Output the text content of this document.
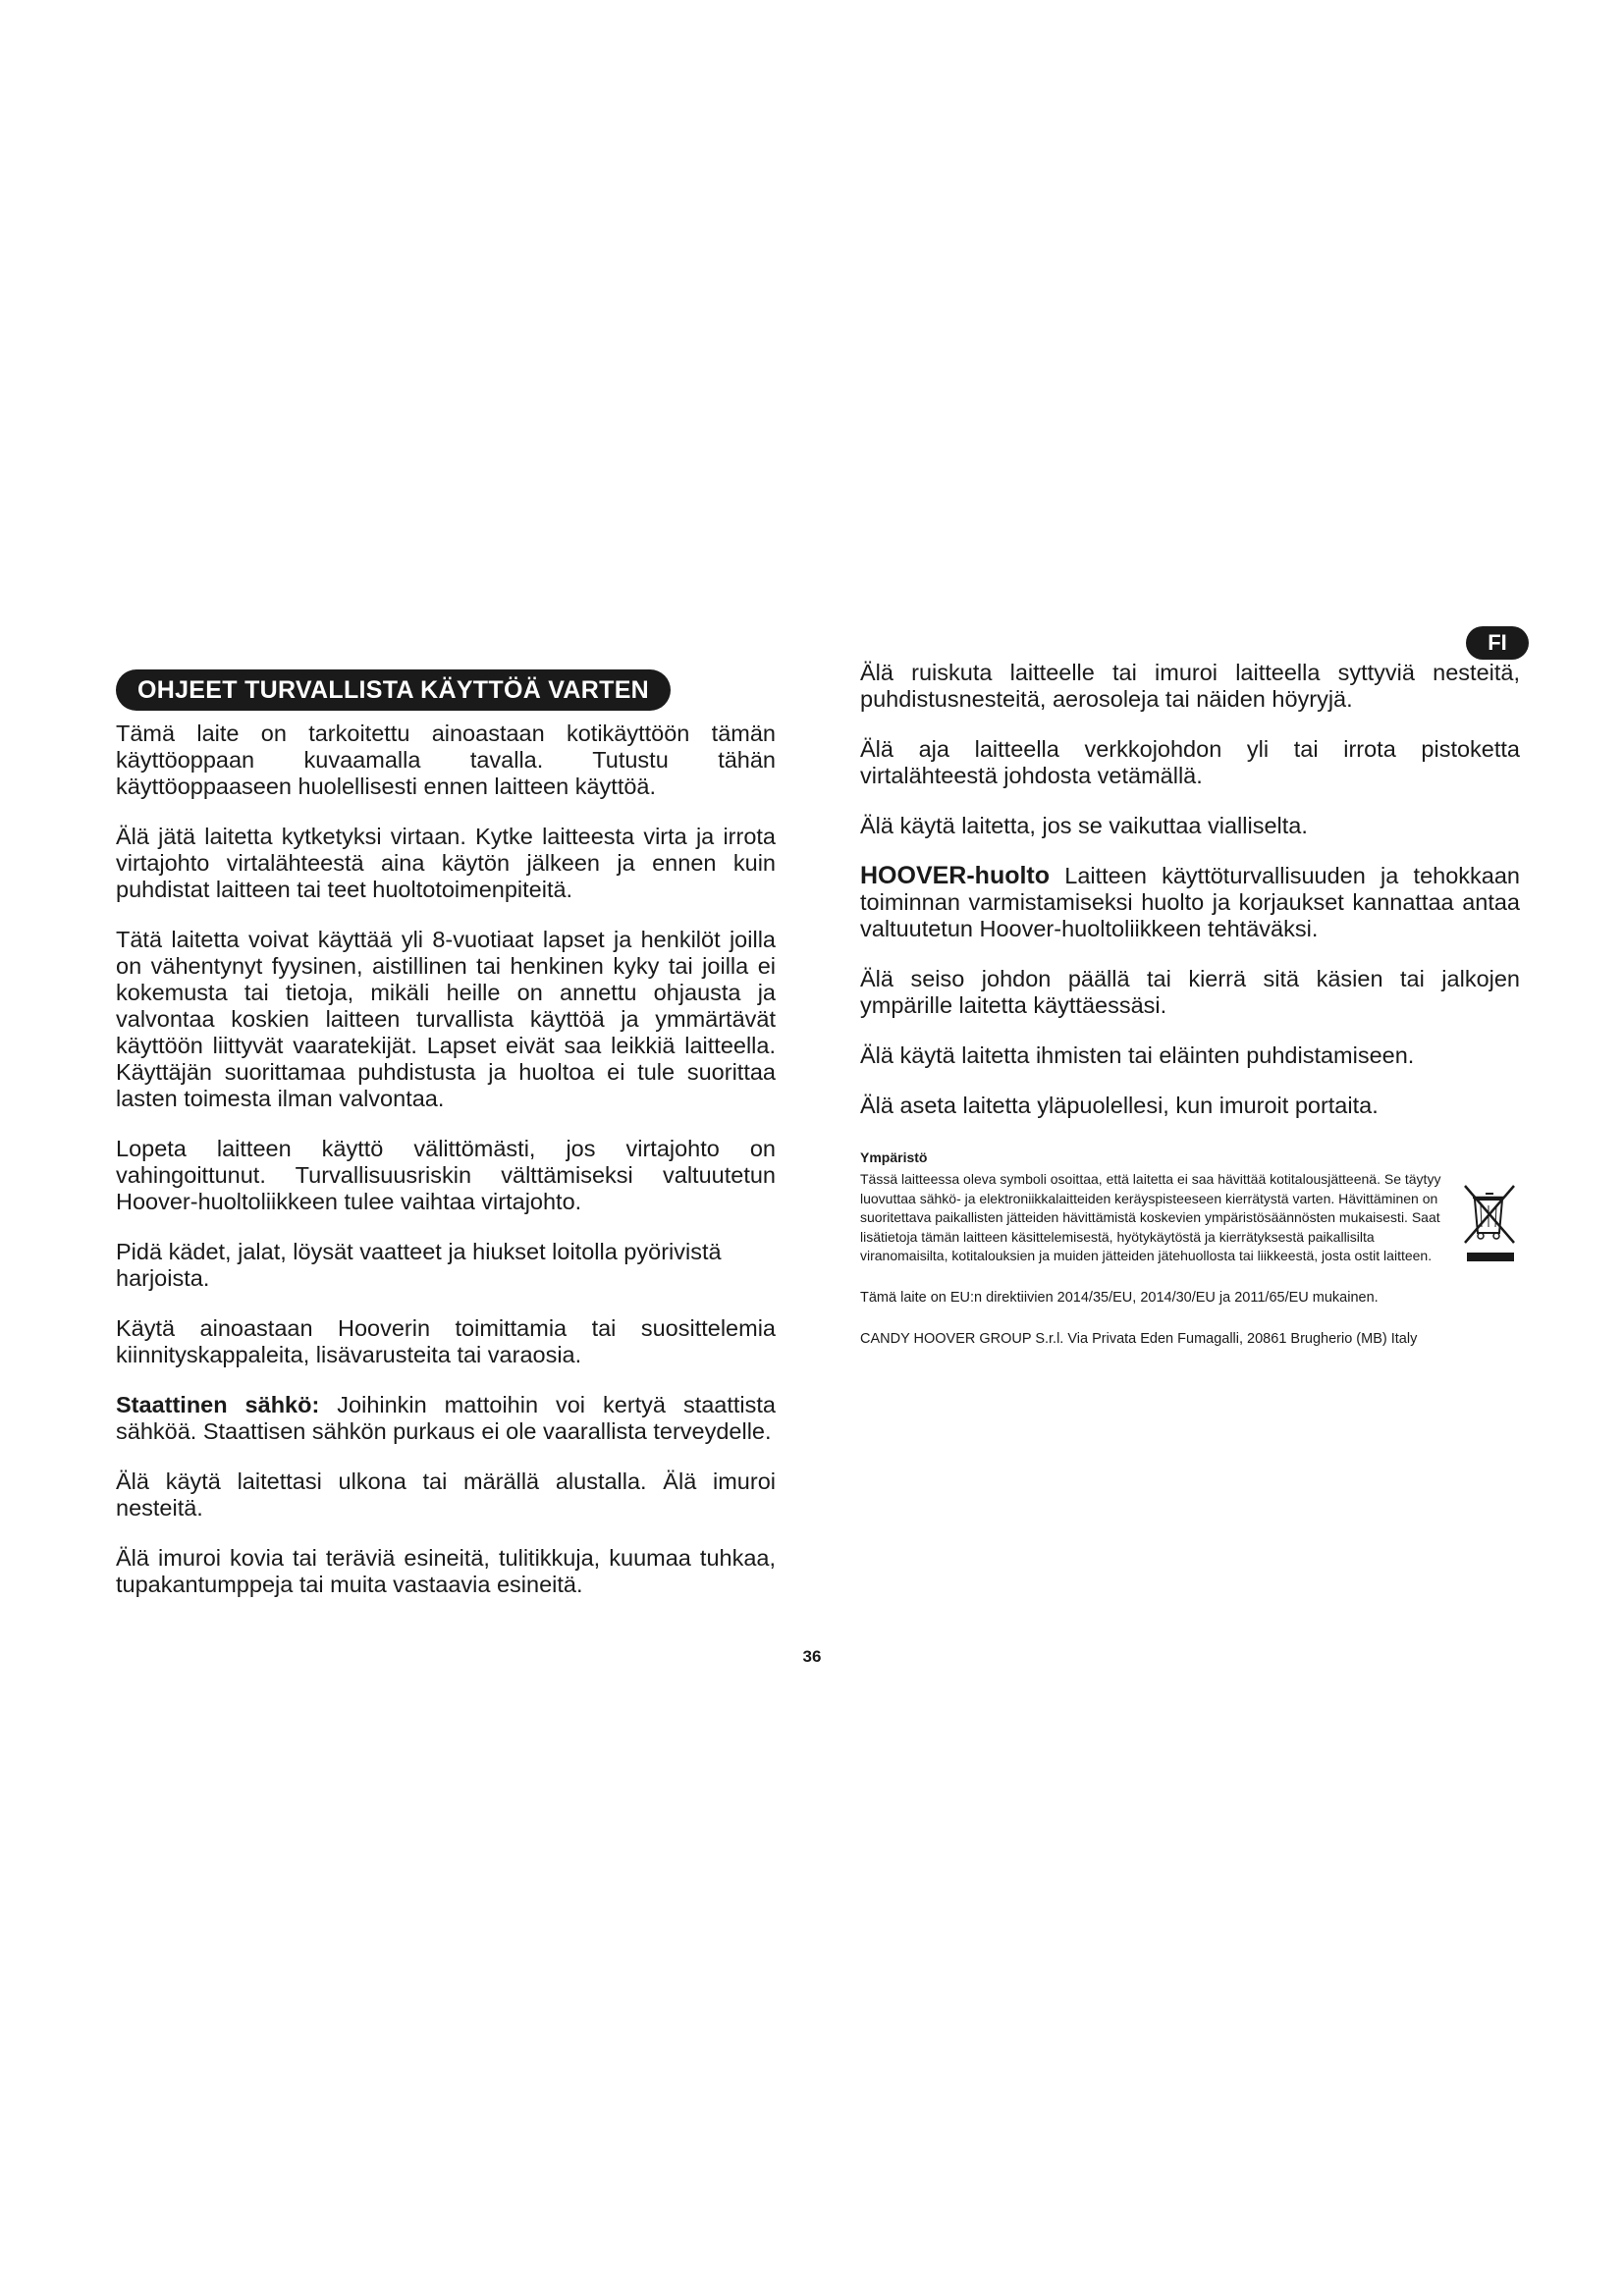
FI
OHJEET TURVALLISTA KÄYTTÖÄ VARTEN

Tämä laite on tarkoitettu ainoastaan kotikäyttöön tämän käyttöoppaan kuvaamalla tavalla. Tutustu tähän käyttöoppaaseen huolellisesti ennen laitteen käyttöä.

Älä jätä laitetta kytketyksi virtaan. Kytke laitteesta virta ja irrota virtajohto virtalähteestä aina käytön jälkeen ja ennen kuin puhdistat laitteen tai teet huoltotoimenpiteitä.

Tätä laitetta voivat käyttää yli 8-vuotiaat lapset ja henkilöt joilla on vähentynyt fyysinen, aistillinen tai henkinen kyky tai joilla ei kokemusta tai tietoja, mikäli heille on annettu ohjausta ja valvontaa koskien laitteen turvallista käyttöä ja ymmärtävät käyttöön liittyvät vaaratekijät. Lapset eivät saa leikkiä laitteella. Käyttäjän suorittamaa puhdistusta ja huoltoa ei tule suorittaa lasten toimesta ilman valvontaa.

Lopeta laitteen käyttö välittömästi, jos virtajohto on vahingoittunut. Turvallisuusriskin välttämiseksi valtuutetun Hoover-huoltoliikkeen tulee vaihtaa virtajohto.

Pidä kädet, jalat, löysät vaatteet ja hiukset loitolla pyörivistä harjoista.

Käytä ainoastaan Hooverin toimittamia tai suosittelemia kiinnityskappaleita, lisävarusteita tai varaosia.

Staattinen sähkö: Joihinkin mattoihin voi kertyä staattista sähköä. Staattisen sähkön purkaus ei ole vaarallista terveydelle.

Älä käytä laitettasi ulkona tai märällä alustalla. Älä imuroi nesteitä.

Älä imuroi kovia tai teräviä esineitä, tulitikkuja, kuumaa tuhkaa, tupakantumppeja tai muita vastaavia esineitä.

Älä ruiskuta laitteelle tai imuroi laitteella syttyviä nesteitä, puhdistusnesteitä, aerosoleja tai näiden höyryjä.

Älä aja laitteella verkkojohdon yli tai irrota pistoketta virtalähteestä johdosta vetämällä.

Älä käytä laitetta, jos se vaikuttaa vialliselta.

HOOVER-huolto Laitteen käyttöturvallisuuden ja tehokkaan toiminnan varmistamiseksi huolto ja korjaukset kannattaa antaa valtuutetun Hoover-huoltoliikkeen tehtäväksi.

Älä seiso johdon päällä tai kierrä sitä käsien tai jalkojen ympärille laitetta käyttäessäsi.

Älä käytä laitetta ihmisten tai eläinten puhdistamiseen.

Älä aseta laitetta yläpuolellesi, kun imuroit portaita.

Ympäristö

Tässä laitteessa oleva symboli osoittaa, että laitetta ei saa hävittää kotitalousjätteenä. Se täytyy luovuttaa sähkö- ja elektroniikkalaitteiden keräyspisteeseen kierrätystä varten. Hävittäminen on suoritettava paikallisten jätteiden hävittämistä koskevien ympäristösäännösten mukaisesti. Saat lisätietoja tämän laitteen käsittelemisestä, hyötykäytöstä ja kierrätyksestä paikallisilta viranomaisilta, kotitalouksien ja muiden jätteiden jätehuollosta tai liikkeestä, josta ostit laitteen.

Tämä laite on EU:n direktiivien 2014/35/EU, 2014/30/EU ja 2011/65/EU mukainen.

CANDY HOOVER GROUP S.r.l. Via Privata Eden Fumagalli, 20861 Brugherio (MB) Italy

36
